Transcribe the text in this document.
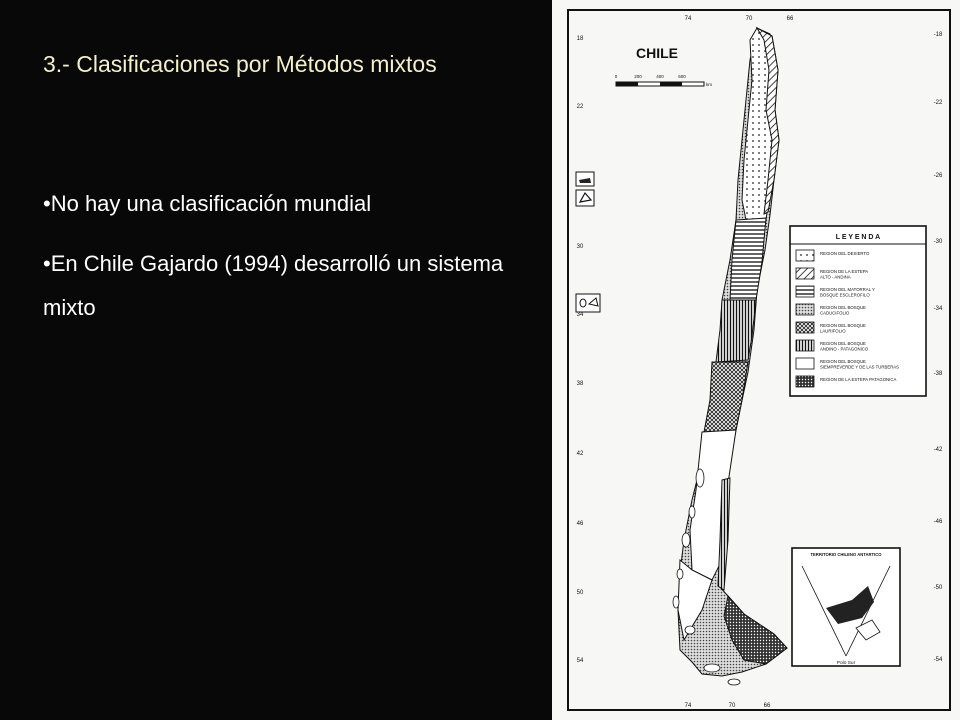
3.- Clasificaciones por Métodos mixtos

•No hay una clasificación mundial

•En Chile Gajardo (1994) desarrolló un sistema mixto

74	70	66
74	70	66
-18
-22
-26
-30
-34
-38
-42
-46
-50
-54
18
22
30
34
38
42
46
50
54
CHILE
0	200	400	600
km
L E Y E N D A
REGION DEL DESIERTO
REGION DE LA ESTEPA
ALTO - ANDINA
REGION DEL MATORRAL Y
BOSQUE ESCLEROFILO
REGION DEL BOSQUE
CADUCIFOLIO
REGION DEL BOSQUE
LAURIFOLIO
REGION DEL BOSQUE
ANDINO - PATAGONICO
REGION DEL BOSQUE
SIEMPREVERDE Y DE LAS TURBERAS
REGION DE LA ESTEPA PATAGONICA
TERRITORIO CHILENO ANTARTICO
Polo Sur
